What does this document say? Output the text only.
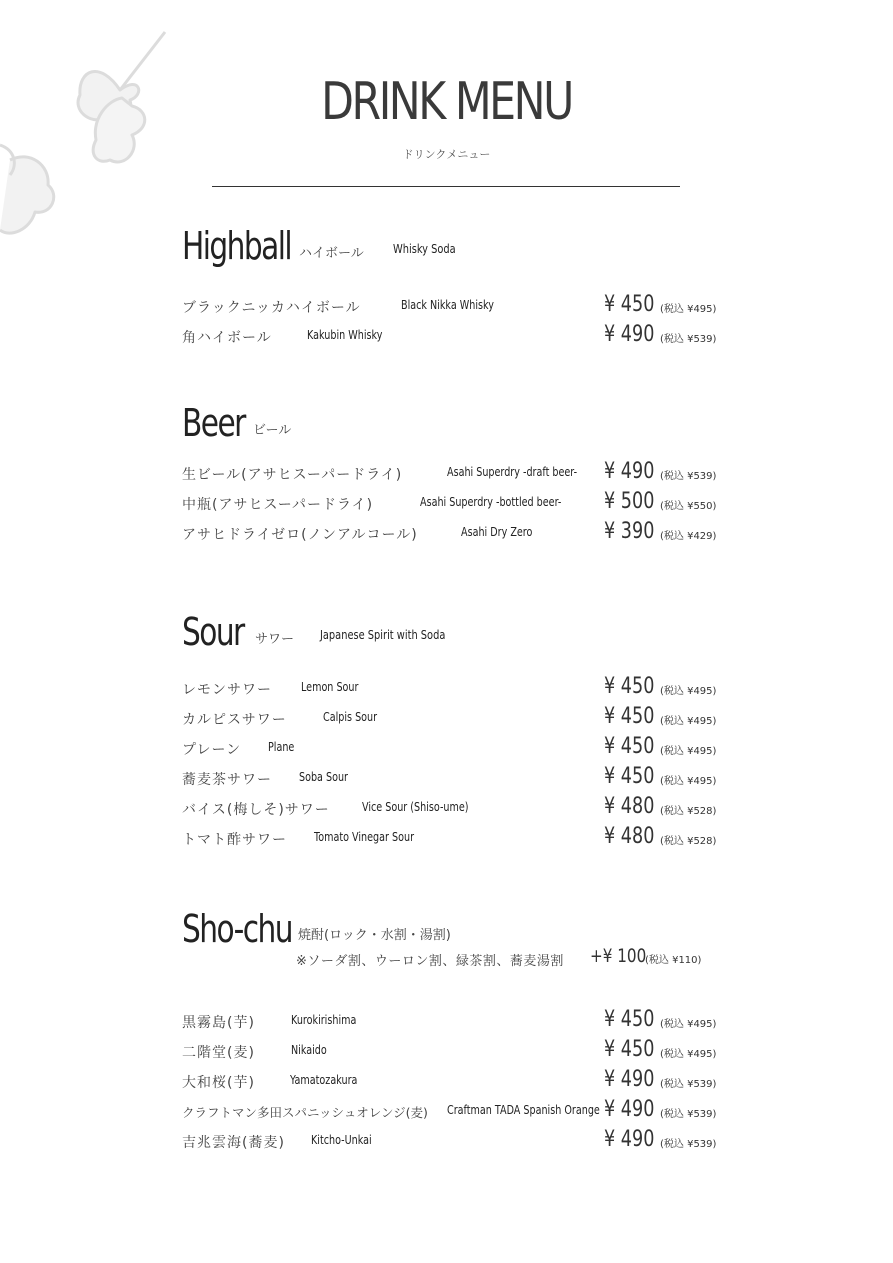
DRINK MENU
ドリンクメニュー
Highball ハイボール Whisky Soda
ブラックニッカハイボール	Black Nikka Whisky	¥ 450 (税込 ¥495)
角ハイボール	Kakubin Whisky	¥ 490 (税込 ¥539)
Beer ビール
生ビール(アサヒスーパードライ)	Asahi Superdry -draft beer- ¥ 490 (税込 ¥539)
中瓶(アサヒスーパードライ)	Asahi Superdry -bottled beer- ¥ 500 (税込 ¥550)
アサヒドライゼロ(ノンアルコール)	Asahi Dry Zero	¥ 390 (税込 ¥429)
Sour サワー Japanese Spirit with Soda
レモンサワー Lemon Sour	¥ 450 (税込 ¥495)
カルピスサワー	Calpis Sour	¥ 450 (税込 ¥495)
プレーン Plane	¥ 450 (税込 ¥495)
蕎麦茶サワー Soba Sour	¥ 450 (税込 ¥495)
バイス(梅しそ)サワー	Vice Sour (Shiso-ume)	¥ 480 (税込 ¥528)
トマト酢サワー Tomato Vinegar Sour	¥ 480 (税込 ¥528)
Sho-chu 焼酎(ロック・水割・湯割)
※ソーダ割、ウーロン割、緑茶割、蕎麦湯割 +¥ 100
(税込 ¥110)
黒霧島(芋)	Kurokirishima	¥ 450 (税込 ¥495)
二階堂(麦)	Nikaido	¥ 450 (税込 ¥495)
大和桜(芋)	Yamatozakura	¥ 490 (税込 ¥539)
クラフトマン多田スパニッシュオレンジ(麦) Craftman TADA Spanish Orange ¥ 490 (税込 ¥539)
吉兆雲海(蕎麦) Kitcho-Unkai	¥ 490 (税込 ¥539)
